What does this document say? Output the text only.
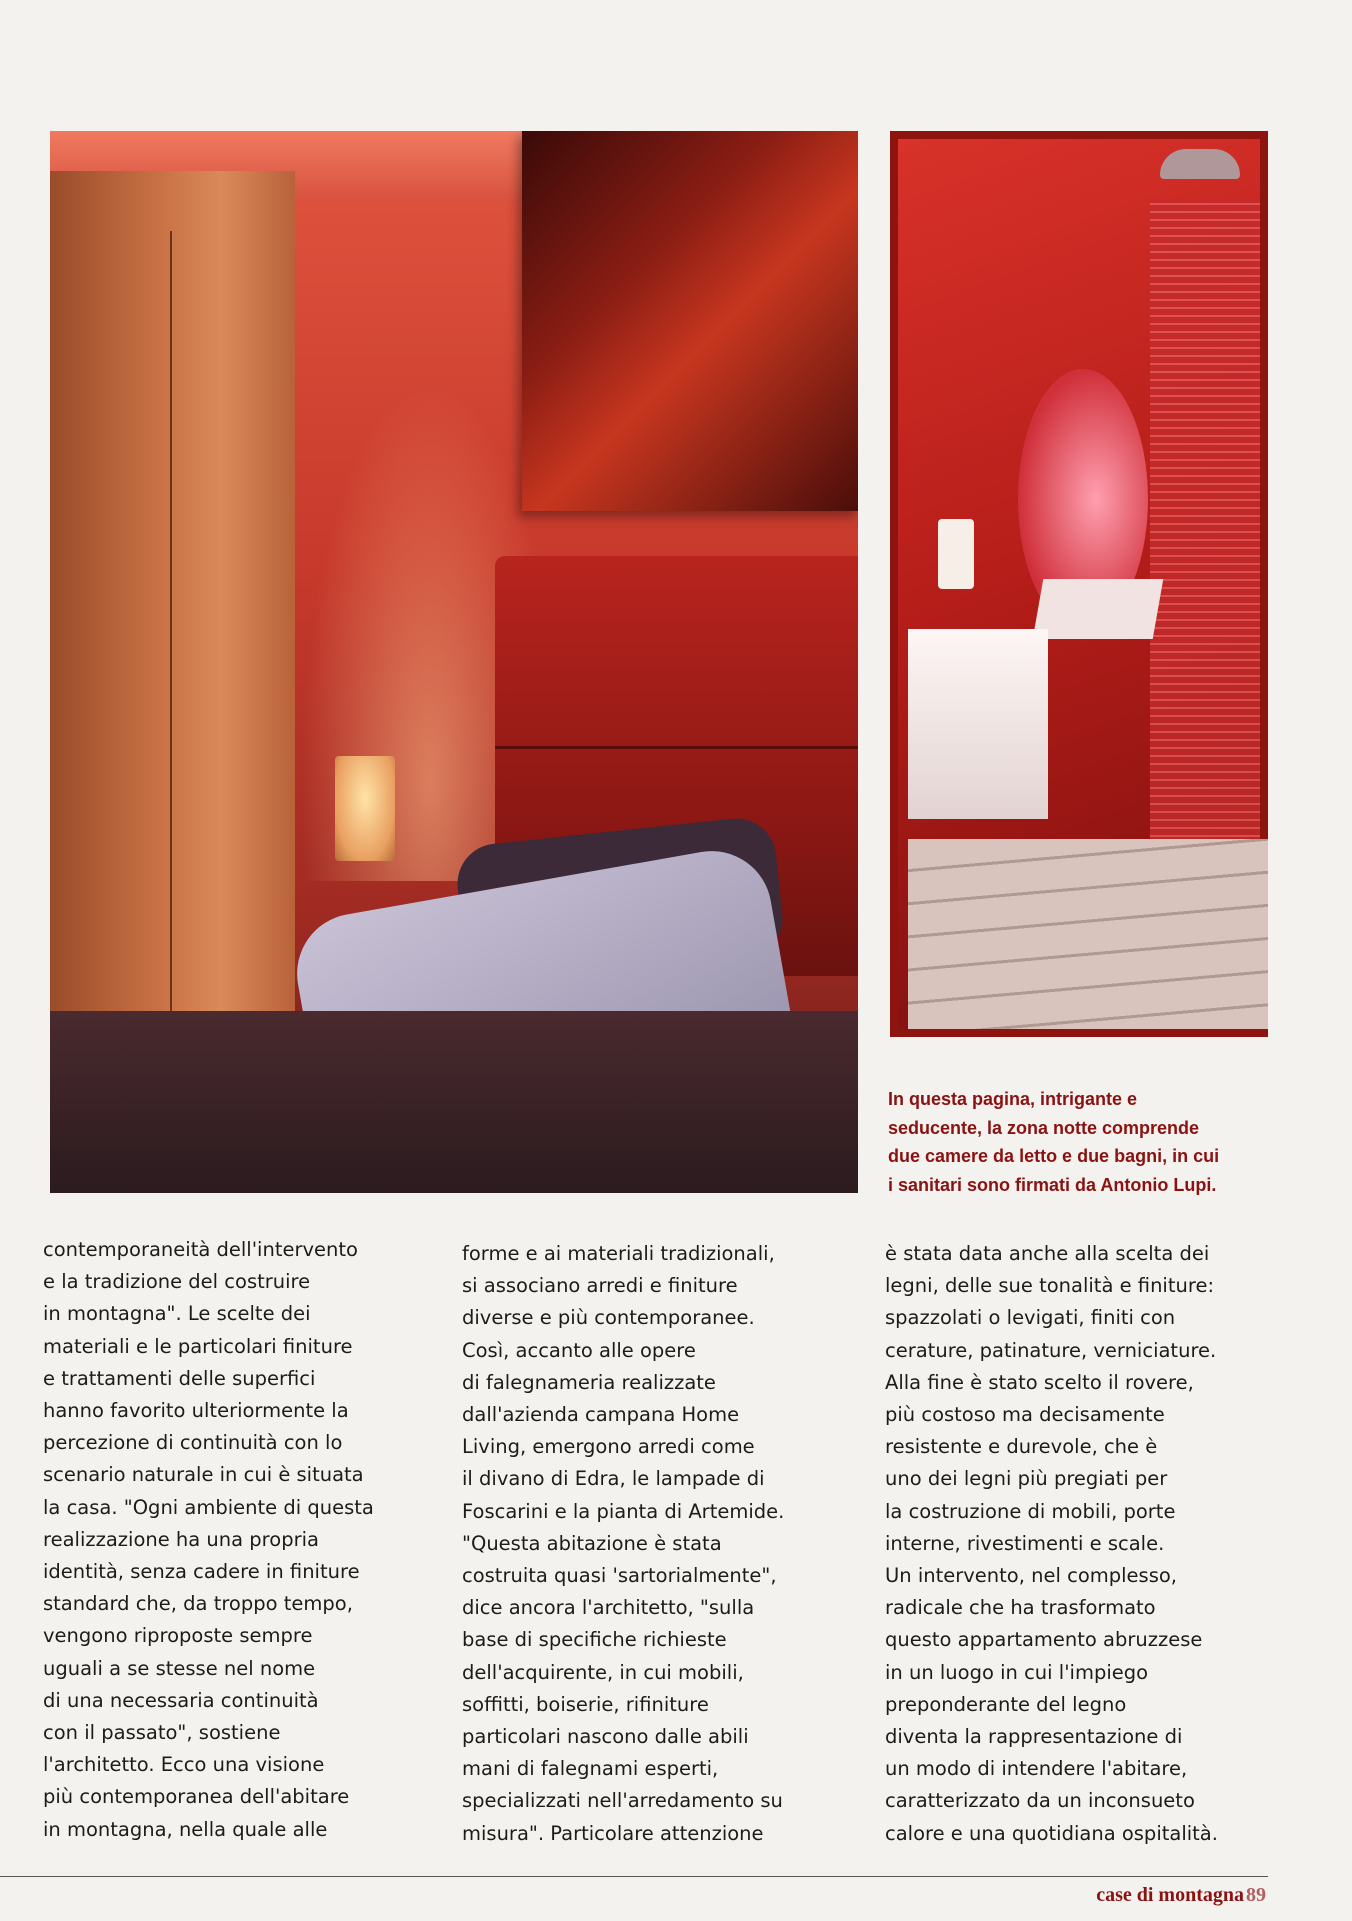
In questa pagina, intrigante e
seducente, la zona notte comprende
due camere da letto e due bagni, in cui
i sanitari sono firmati da Antonio Lupi.
contemporaneità dell'intervento
e la tradizione del costruire
in montagna". Le scelte dei
materiali e le particolari finiture
e trattamenti delle superfici
hanno favorito ulteriormente la
percezione di continuità con lo
scenario naturale in cui è situata
la casa. "Ogni ambiente di questa
realizzazione ha una propria
identità, senza cadere in finiture
standard che, da troppo tempo,
vengono riproposte sempre
uguali a se stesse nel nome
di una necessaria continuità
con il passato", sostiene
l'architetto. Ecco una visione
più contemporanea dell'abitare
in montagna, nella quale alle
forme e ai materiali tradizionali,
si associano arredi e finiture
diverse e più contemporanee.
Così, accanto alle opere
di falegnameria realizzate
dall'azienda campana Home
Living, emergono arredi come
il divano di Edra, le lampade di
Foscarini e la pianta di Artemide.
"Questa abitazione è stata
costruita quasi 'sartorialmente",
dice ancora l'architetto, "sulla
base di specifiche richieste
dell'acquirente, in cui mobili,
soffitti, boiserie, rifiniture
particolari nascono dalle abili
mani di falegnami esperti,
specializzati nell'arredamento su
misura". Particolare attenzione
è stata data anche alla scelta dei
legni, delle sue tonalità e finiture:
spazzolati o levigati, finiti con
cerature, patinature, verniciature.
Alla fine è stato scelto il rovere,
più costoso ma decisamente
resistente e durevole, che è
uno dei legni più pregiati per
la costruzione di mobili, porte
interne, rivestimenti e scale.
Un intervento, nel complesso,
radicale che ha trasformato
questo appartamento abruzzese
in un luogo in cui l'impiego
preponderante del legno
diventa la rappresentazione di
un modo di intendere l'abitare,
caratterizzato da un inconsueto
calore e una quotidiana ospitalità.
case di montagna 89
